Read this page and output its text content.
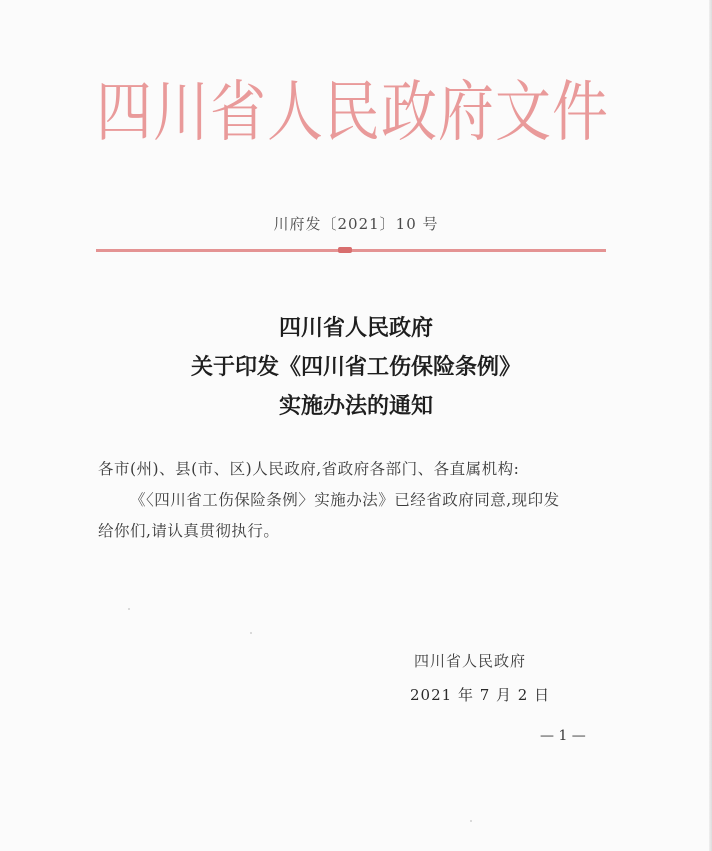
四川省人民政府文件
川府发〔2021〕10 号
四川省人民政府
关于印发《四川省工伤保险条例》
实施办法的通知
各市(州)、县(市、区)人民政府,省政府各部门、各直属机构:
《〈四川省工伤保险条例〉实施办法》已经省政府同意,现印发
给你们,请认真贯彻执行。
四川省人民政府
2021 年 7 月 2 日
— 1 —
